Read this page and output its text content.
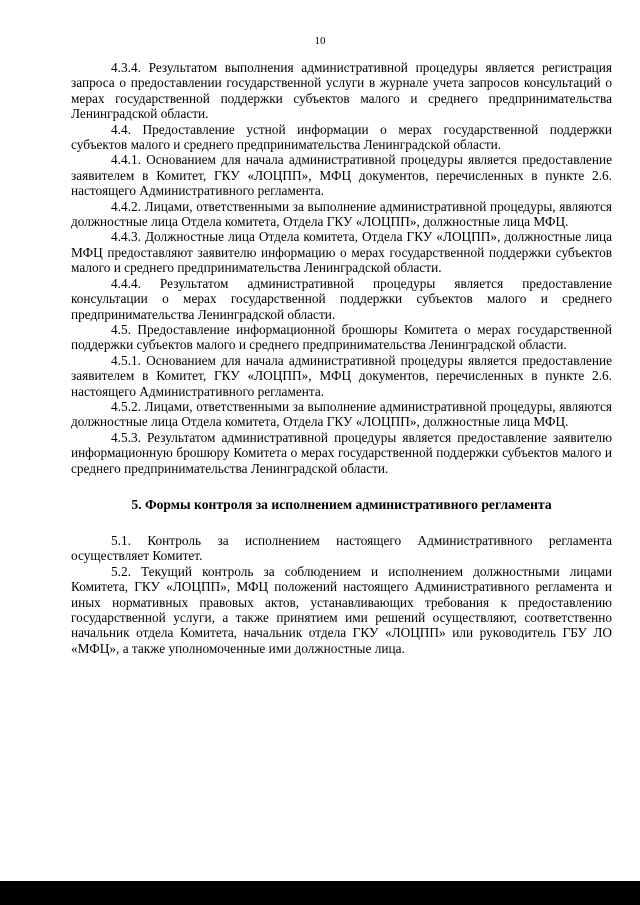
10

4.3.4. Результатом выполнения административной процедуры является регистрация запроса о предоставлении государственной услуги в журнале учета запросов консультаций о мерах государственной поддержки субъектов малого и среднего предпринимательства Ленинградской области.

4.4. Предоставление устной информации о мерах государственной поддержки субъектов малого и среднего предпринимательства Ленинградской области.

4.4.1. Основанием для начала административной процедуры является предоставление заявителем в Комитет, ГКУ «ЛОЦПП», МФЦ документов, перечисленных в пункте 2.6. настоящего Административного регламента.

4.4.2. Лицами, ответственными за выполнение административной процедуры, являются должностные лица Отдела комитета, Отдела ГКУ «ЛОЦПП», должностные лица МФЦ.

4.4.3. Должностные лица Отдела комитета, Отдела ГКУ «ЛОЦПП», должностные лица МФЦ предоставляют заявителю информацию о мерах государственной поддержки субъектов малого и среднего предпринимательства Ленинградской области.

4.4.4. Результатом административной процедуры является предоставление консультации о мерах государственной поддержки субъектов малого и среднего предпринимательства Ленинградской области.

4.5. Предоставление информационной брошюры Комитета о мерах государственной поддержки субъектов малого и среднего предпринимательства Ленинградской области.

4.5.1. Основанием для начала административной процедуры является предоставление заявителем в Комитет, ГКУ «ЛОЦПП», МФЦ документов, перечисленных в пункте 2.6. настоящего Административного регламента.

4.5.2. Лицами, ответственными за выполнение административной процедуры, являются должностные лица Отдела комитета, Отдела ГКУ «ЛОЦПП», должностные лица МФЦ.

4.5.3. Результатом административной процедуры является предоставление заявителю информационную брошюру Комитета о мерах государственной поддержки субъектов малого и среднего предпринимательства Ленинградской области.

5. Формы контроля за исполнением административного регламента

5.1. Контроль за исполнением настоящего Административного регламента осуществляет Комитет.

5.2. Текущий контроль за соблюдением и исполнением должностными лицами Комитета, ГКУ «ЛОЦПП», МФЦ положений настоящего Административного регламента и иных нормативных правовых актов, устанавливающих требования к предоставлению государственной услуги, а также принятием ими решений осуществляют, соответственно начальник отдела Комитета, начальник отдела ГКУ «ЛОЦПП» или руководитель ГБУ ЛО «МФЦ», а также уполномоченные ими должностные лица.
